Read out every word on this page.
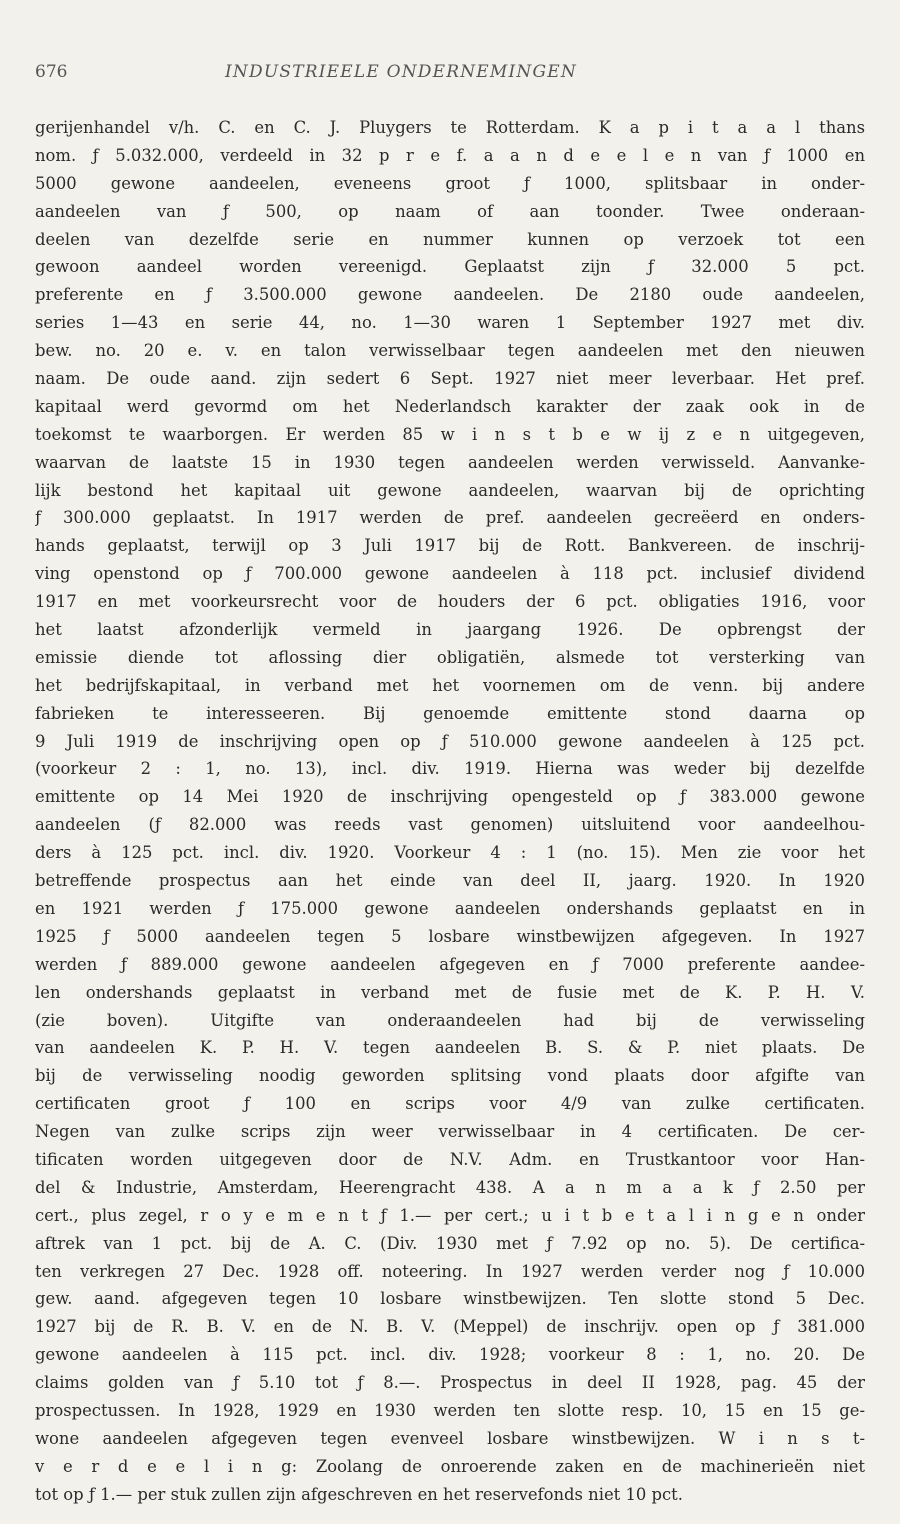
676	INDUSTRIEELE ONDERNEMINGEN
gerijenhandel v/h. C. en C. J. Pluygers te Rotterdam. K a p i t a a l thans
nom. ƒ 5.032.000, verdeeld in 32 p r e f. a a n d e e l e n van ƒ 1000 en
5000 gewone aandeelen, eveneens groot ƒ 1000, splitsbaar in onder-
aandeelen van ƒ 500, op naam of aan toonder. Twee onderaan-
deelen van dezelfde serie en nummer kunnen op verzoek tot een
gewoon aandeel worden vereenigd. Geplaatst zijn ƒ 32.000 5 pct.
preferente en ƒ 3.500.000 gewone aandeelen. De 2180 oude aandeelen,
series 1—43 en serie 44, no. 1—30 waren 1 September 1927 met div.
bew. no. 20 e. v. en talon verwisselbaar tegen aandeelen met den nieuwen
naam. De oude aand. zijn sedert 6 Sept. 1927 niet meer leverbaar. Het pref.
kapitaal werd gevormd om het Nederlandsch karakter der zaak ook in de
toekomst te waarborgen. Er werden 85 w i n s t b e w ij z e n uitgegeven,
waarvan de laatste 15 in 1930 tegen aandeelen werden verwisseld. Aanvanke-
lijk bestond het kapitaal uit gewone aandeelen, waarvan bij de oprichting
ƒ 300.000 geplaatst. In 1917 werden de pref. aandeelen gecreëerd en onders-
hands geplaatst, terwijl op 3 Juli 1917 bij de Rott. Bankvereen. de inschrij-
ving openstond op ƒ 700.000 gewone aandeelen à 118 pct. inclusief dividend
1917 en met voorkeursrecht voor de houders der 6 pct. obligaties 1916, voor
het laatst afzonderlijk vermeld in jaargang 1926. De opbrengst der
emissie diende tot aflossing dier obligatiën, alsmede tot versterking van
het bedrijfskapitaal, in verband met het voornemen om de venn. bij andere
fabrieken te interesseeren. Bij genoemde emittente stond daarna op
9 Juli 1919 de inschrijving open op ƒ 510.000 gewone aandeelen à 125 pct.
(voorkeur 2 : 1, no. 13), incl. div. 1919. Hierna was weder bij dezelfde
emittente op 14 Mei 1920 de inschrijving opengesteld op ƒ 383.000 gewone
aandeelen (ƒ 82.000 was reeds vast genomen) uitsluitend voor aandeelhou-
ders à 125 pct. incl. div. 1920. Voorkeur 4 : 1 (no. 15). Men zie voor het
betreffende prospectus aan het einde van deel II, jaarg. 1920. In 1920
en 1921 werden ƒ 175.000 gewone aandeelen ondershands geplaatst en in
1925 ƒ 5000 aandeelen tegen 5 losbare winstbewijzen afgegeven. In 1927
werden ƒ 889.000 gewone aandeelen afgegeven en ƒ 7000 preferente aandee-
len ondershands geplaatst in verband met de fusie met de K. P. H. V.
(zie boven). Uitgifte van onderaandeelen had bij de verwisseling
van aandeelen K. P. H. V. tegen aandeelen B. S. & P. niet plaats. De
bij de verwisseling noodig geworden splitsing vond plaats door afgifte van
certificaten groot ƒ 100 en scrips voor 4/9 van zulke certificaten.
Negen van zulke scrips zijn weer verwisselbaar in 4 certificaten. De cer-
tificaten worden uitgegeven door de N.V. Adm. en Trustkantoor voor Han-
del & Industrie, Amsterdam, Heerengracht 438. A a n m a a k ƒ 2.50 per
cert., plus zegel, r o y e m e n t ƒ 1.— per cert.; u i t b e t a l i n g e n onder
aftrek van 1 pct. bij de A. C. (Div. 1930 met ƒ 7.92 op no. 5). De certifica-
ten verkregen 27 Dec. 1928 off. noteering. In 1927 werden verder nog ƒ 10.000
gew. aand. afgegeven tegen 10 losbare winstbewijzen. Ten slotte stond 5 Dec.
1927 bij de R. B. V. en de N. B. V. (Meppel) de inschrijv. open op ƒ 381.000
gewone aandeelen à 115 pct. incl. div. 1928; voorkeur 8 : 1, no. 20. De
claims golden van ƒ 5.10 tot ƒ 8.—. Prospectus in deel II 1928, pag. 45 der
prospectussen. In 1928, 1929 en 1930 werden ten slotte resp. 10, 15 en 15 ge-
wone aandeelen afgegeven tegen evenveel losbare winstbewijzen. W i n s t-
v e r d e e l i n g: Zoolang de onroerende zaken en de machinerieën niet
tot op ƒ 1.— per stuk zullen zijn afgeschreven en het reservefonds niet 10 pct.
